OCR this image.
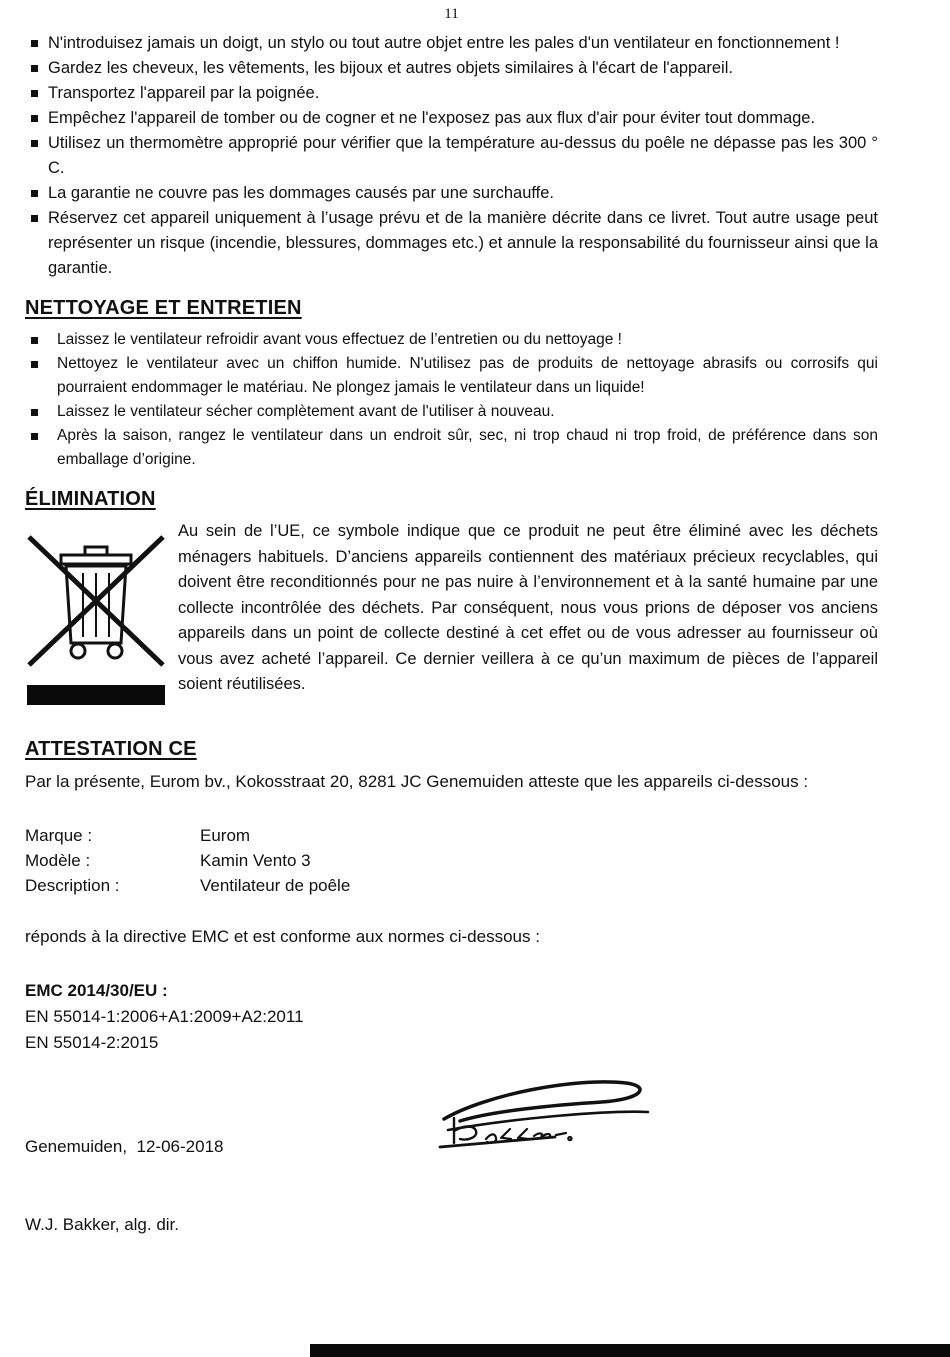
11
N'introduisez jamais un doigt, un stylo ou tout autre objet entre les pales d'un ventilateur en fonctionnement !
Gardez les cheveux, les vêtements, les bijoux et autres objets similaires à l'écart de l'appareil.
Transportez l'appareil par la poignée.
Empêchez l'appareil de tomber ou de cogner et ne l'exposez pas aux flux d'air pour éviter tout dommage.
Utilisez un thermomètre approprié pour vérifier que la température au-dessus du poêle ne dépasse pas les 300 ° C.
La garantie ne couvre pas les dommages causés par une surchauffe.
Réservez cet appareil uniquement à l’usage prévu et de la manière décrite dans ce livret. Tout autre usage peut représenter un risque (incendie, blessures, dommages etc.) et annule la responsabilité du fournisseur ainsi que la garantie.
NETTOYAGE ET ENTRETIEN
Laissez le ventilateur refroidir avant vous effectuez de l’entretien ou du nettoyage !
Nettoyez le ventilateur avec un chiffon humide. N'utilisez pas de produits de nettoyage abrasifs ou corrosifs qui pourraient endommager le matériau. Ne plongez jamais le ventilateur dans un liquide!
Laissez le ventilateur sécher complètement avant de l'utiliser à nouveau.
Après la saison, rangez le ventilateur dans un endroit sûr, sec, ni trop chaud ni trop froid, de préférence dans son emballage d’origine.
ÉLIMINATION
Au sein de l’UE, ce symbole indique que ce produit ne peut être éliminé avec les déchets ménagers habituels. D’anciens appareils contiennent des matériaux précieux recyclables, qui doivent être reconditionnés pour ne pas nuire à l’environnement et à la santé humaine par une collecte incontrôlée des déchets. Par conséquent, nous vous prions de déposer vos anciens appareils dans un point de collecte destiné à cet effet ou de vous adresser au fournisseur où vous avez acheté l’appareil. Ce dernier veillera à ce qu’un maximum de pièces de l’appareil soient réutilisées.
ATTESTATION CE
Par la présente, Eurom bv., Kokosstraat 20, 8281 JC Genemuiden atteste que les appareils ci-dessous :
Marque :	Eurom
Modèle :	Kamin Vento 3
Description :	Ventilateur de poêle
réponds à la directive EMC et est conforme aux normes ci-dessous :
EMC 2014/30/EU :
EN 55014-1:2006+A1:2009+A2:2011
EN 55014-2:2015

Genemuiden,  12-06-2018

W.J. Bakker, alg. dir.
